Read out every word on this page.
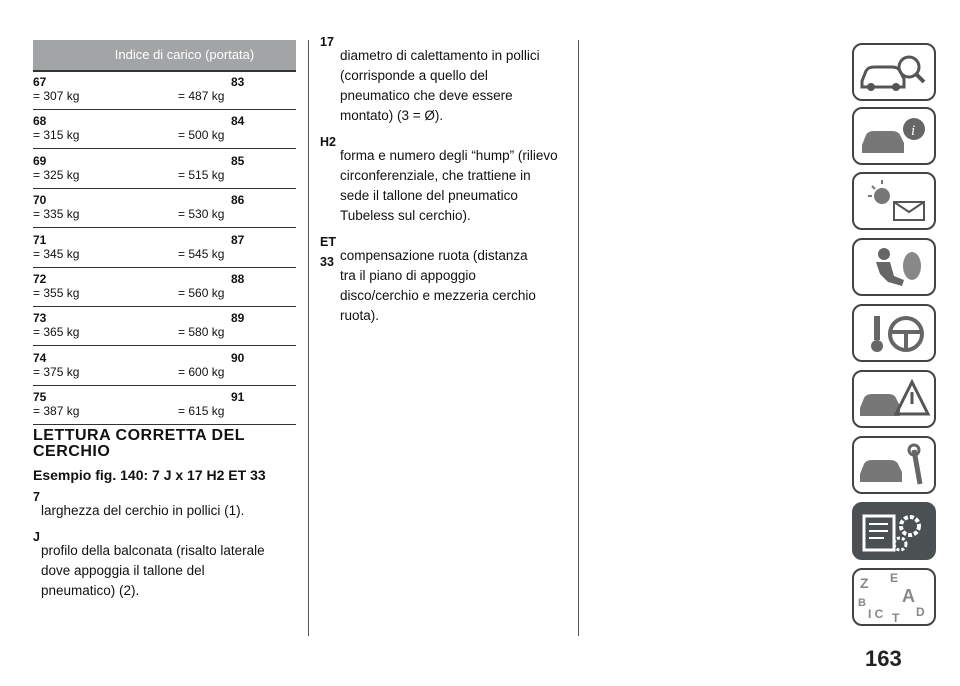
Indice di carico (portata)
67
= 307 kg
83
= 487 kg
68
= 315 kg
84
= 500 kg
69
= 325 kg
85
= 515 kg
70
= 335 kg
86
= 530 kg
71
= 345 kg
87
= 545 kg
72
= 355 kg
88
= 560 kg
73
= 365 kg
89
= 580 kg
74
= 375 kg
90
= 600 kg
75
= 387 kg
91
= 615 kg
LETTURA CORRETTA DEL
CERCHIO
Esempio fig. 140: 7 J x 17 H2 ET 33
7
larghezza del cerchio in pollici (1).
J
profilo della balconata (risalto laterale
dove appoggia il tallone del
pneumatico) (2).
17
diametro di calettamento in pollici
(corrisponde a quello del
pneumatico che deve essere
montato) (3 = Ø).
H2
forma e numero degli “hump” (rilievo
circonferenziale, che trattiene in
sede il tallone del pneumatico
Tubeless sul cerchio).
ET 33 compensazione ruota (distanza
tra il piano di appoggio
disco/cerchio e mezzeria cerchio
ruota).
i
Z E
B A
I C T D
163
